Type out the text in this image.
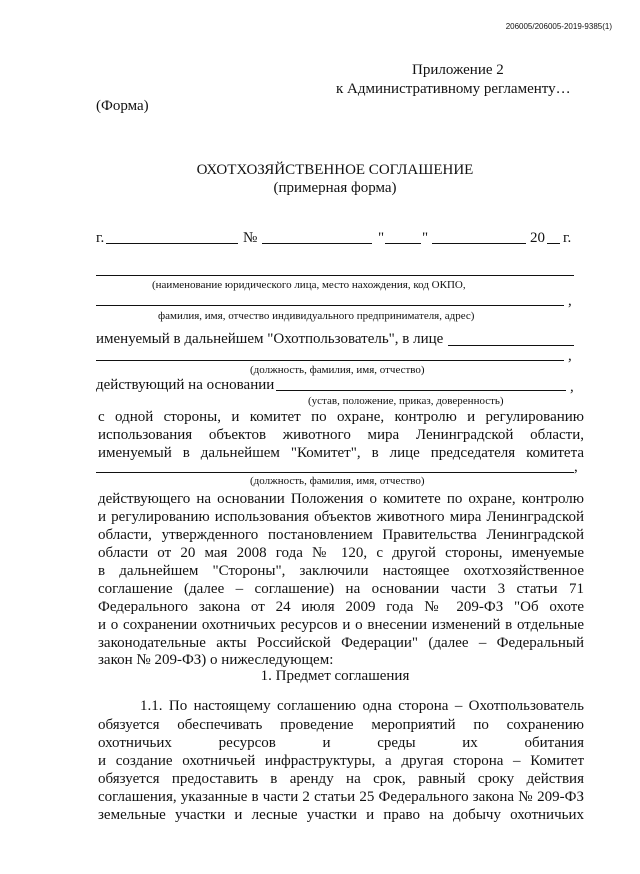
206005/206005-2019-9385(1)
Приложение 2
к Административному регламенту…
(Форма)
ОХОТХОЗЯЙСТВЕННОЕ СОГЛАШЕНИЕ
(примерная форма)
г.	№	"	"	20 г.
(наименование юридического лица, место нахождения, код ОКПО,
,
фамилия, имя, отчество индивидуального предпринимателя, адрес)
именуемый в дальнейшем "Охотпользователь", в лице
,
(должность, фамилия, имя, отчество)
действующий на основании	,
(устав, положение, приказ, доверенность)
с одной стороны, и комитет по охране, контролю и регулированию
использования объектов животного мира Ленинградской области,
именуемый в дальнейшем "Комитет", в лице председателя комитета
,
(должность, фамилия, имя, отчество)
действующего на основании Положения о комитете по охране, контролю
и регулированию использования объектов животного мира Ленинградской
области, утвержденного постановлением Правительства Ленинградской
области от 20 мая 2008 года № 120, с другой стороны, именуемые
в дальнейшем "Стороны", заключили настоящее охотхозяйственное
соглашение (далее – соглашение) на основании части 3 статьи 71
Федерального закона от 24 июля 2009 года № 209-ФЗ "Об охоте
и о сохранении охотничьих ресурсов и о внесении изменений в отдельные
законодательные акты Российской Федерации" (далее – Федеральный
закон № 209-ФЗ) о нижеследующем:
1. Предмет соглашения
1.1. По настоящему соглашению одна сторона – Охотпользователь
обязуется обеспечивать проведение мероприятий по сохранению
охотничьих ресурсов и среды их обитания
и создание охотничьей инфраструктуры, а другая сторона – Комитет
обязуется предоставить в аренду на срок, равный сроку действия
соглашения, указанные в части 2 статьи 25 Федерального закона № 209-ФЗ
земельные участки и лесные участки и право на добычу охотничьих
